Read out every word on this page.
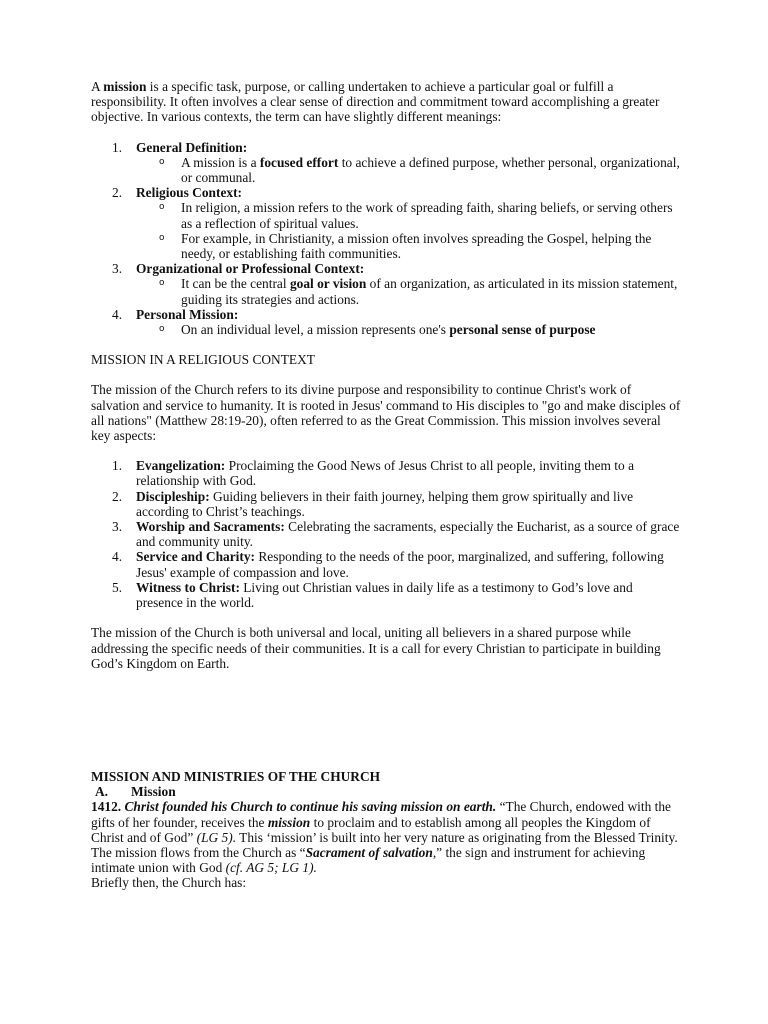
A mission is a specific task, purpose, or calling undertaken to achieve a particular goal or fulfill a responsibility. It often involves a clear sense of direction and commitment toward accomplishing a greater objective. In various contexts, the term can have slightly different meanings:

1. General Definition:
o A mission is a focused effort to achieve a defined purpose, whether personal, organizational, or communal.
2. Religious Context:
o In religion, a mission refers to the work of spreading faith, sharing beliefs, or serving others as a reflection of spiritual values.
o For example, in Christianity, a mission often involves spreading the Gospel, helping the needy, or establishing faith communities.
3. Organizational or Professional Context:
o It can be the central goal or vision of an organization, as articulated in its mission statement, guiding its strategies and actions.
4. Personal Mission:
o On an individual level, a mission represents one's personal sense of purpose

MISSION IN A RELIGIOUS CONTEXT

The mission of the Church refers to its divine purpose and responsibility to continue Christ's work of salvation and service to humanity. It is rooted in Jesus' command to His disciples to "go and make disciples of all nations" (Matthew 28:19-20), often referred to as the Great Commission. This mission involves several key aspects:

1. Evangelization: Proclaiming the Good News of Jesus Christ to all people, inviting them to a relationship with God.
2. Discipleship: Guiding believers in their faith journey, helping them grow spiritually and live according to Christ’s teachings.
3. Worship and Sacraments: Celebrating the sacraments, especially the Eucharist, as a source of grace and community unity.
4. Service and Charity: Responding to the needs of the poor, marginalized, and suffering, following Jesus' example of compassion and love.
5. Witness to Christ: Living out Christian values in daily life as a testimony to God’s love and presence in the world.

The mission of the Church is both universal and local, uniting all believers in a shared purpose while addressing the specific needs of their communities. It is a call for every Christian to participate in building God’s Kingdom on Earth.

MISSION AND MINISTRIES OF THE CHURCH

A. Mission

1412. Christ founded his Church to continue his saving mission on earth. “The Church, endowed with the gifts of her founder, receives the mission to proclaim and to establish among all peoples the Kingdom of Christ and of God” (LG 5). This ‘mission’ is built into her very nature as originating from the Blessed Trinity. The mission flows from the Church as “Sacrament of salvation,” the sign and instrument for achieving intimate union with God (cf. AG 5; LG 1).

Briefly then, the Church has:
